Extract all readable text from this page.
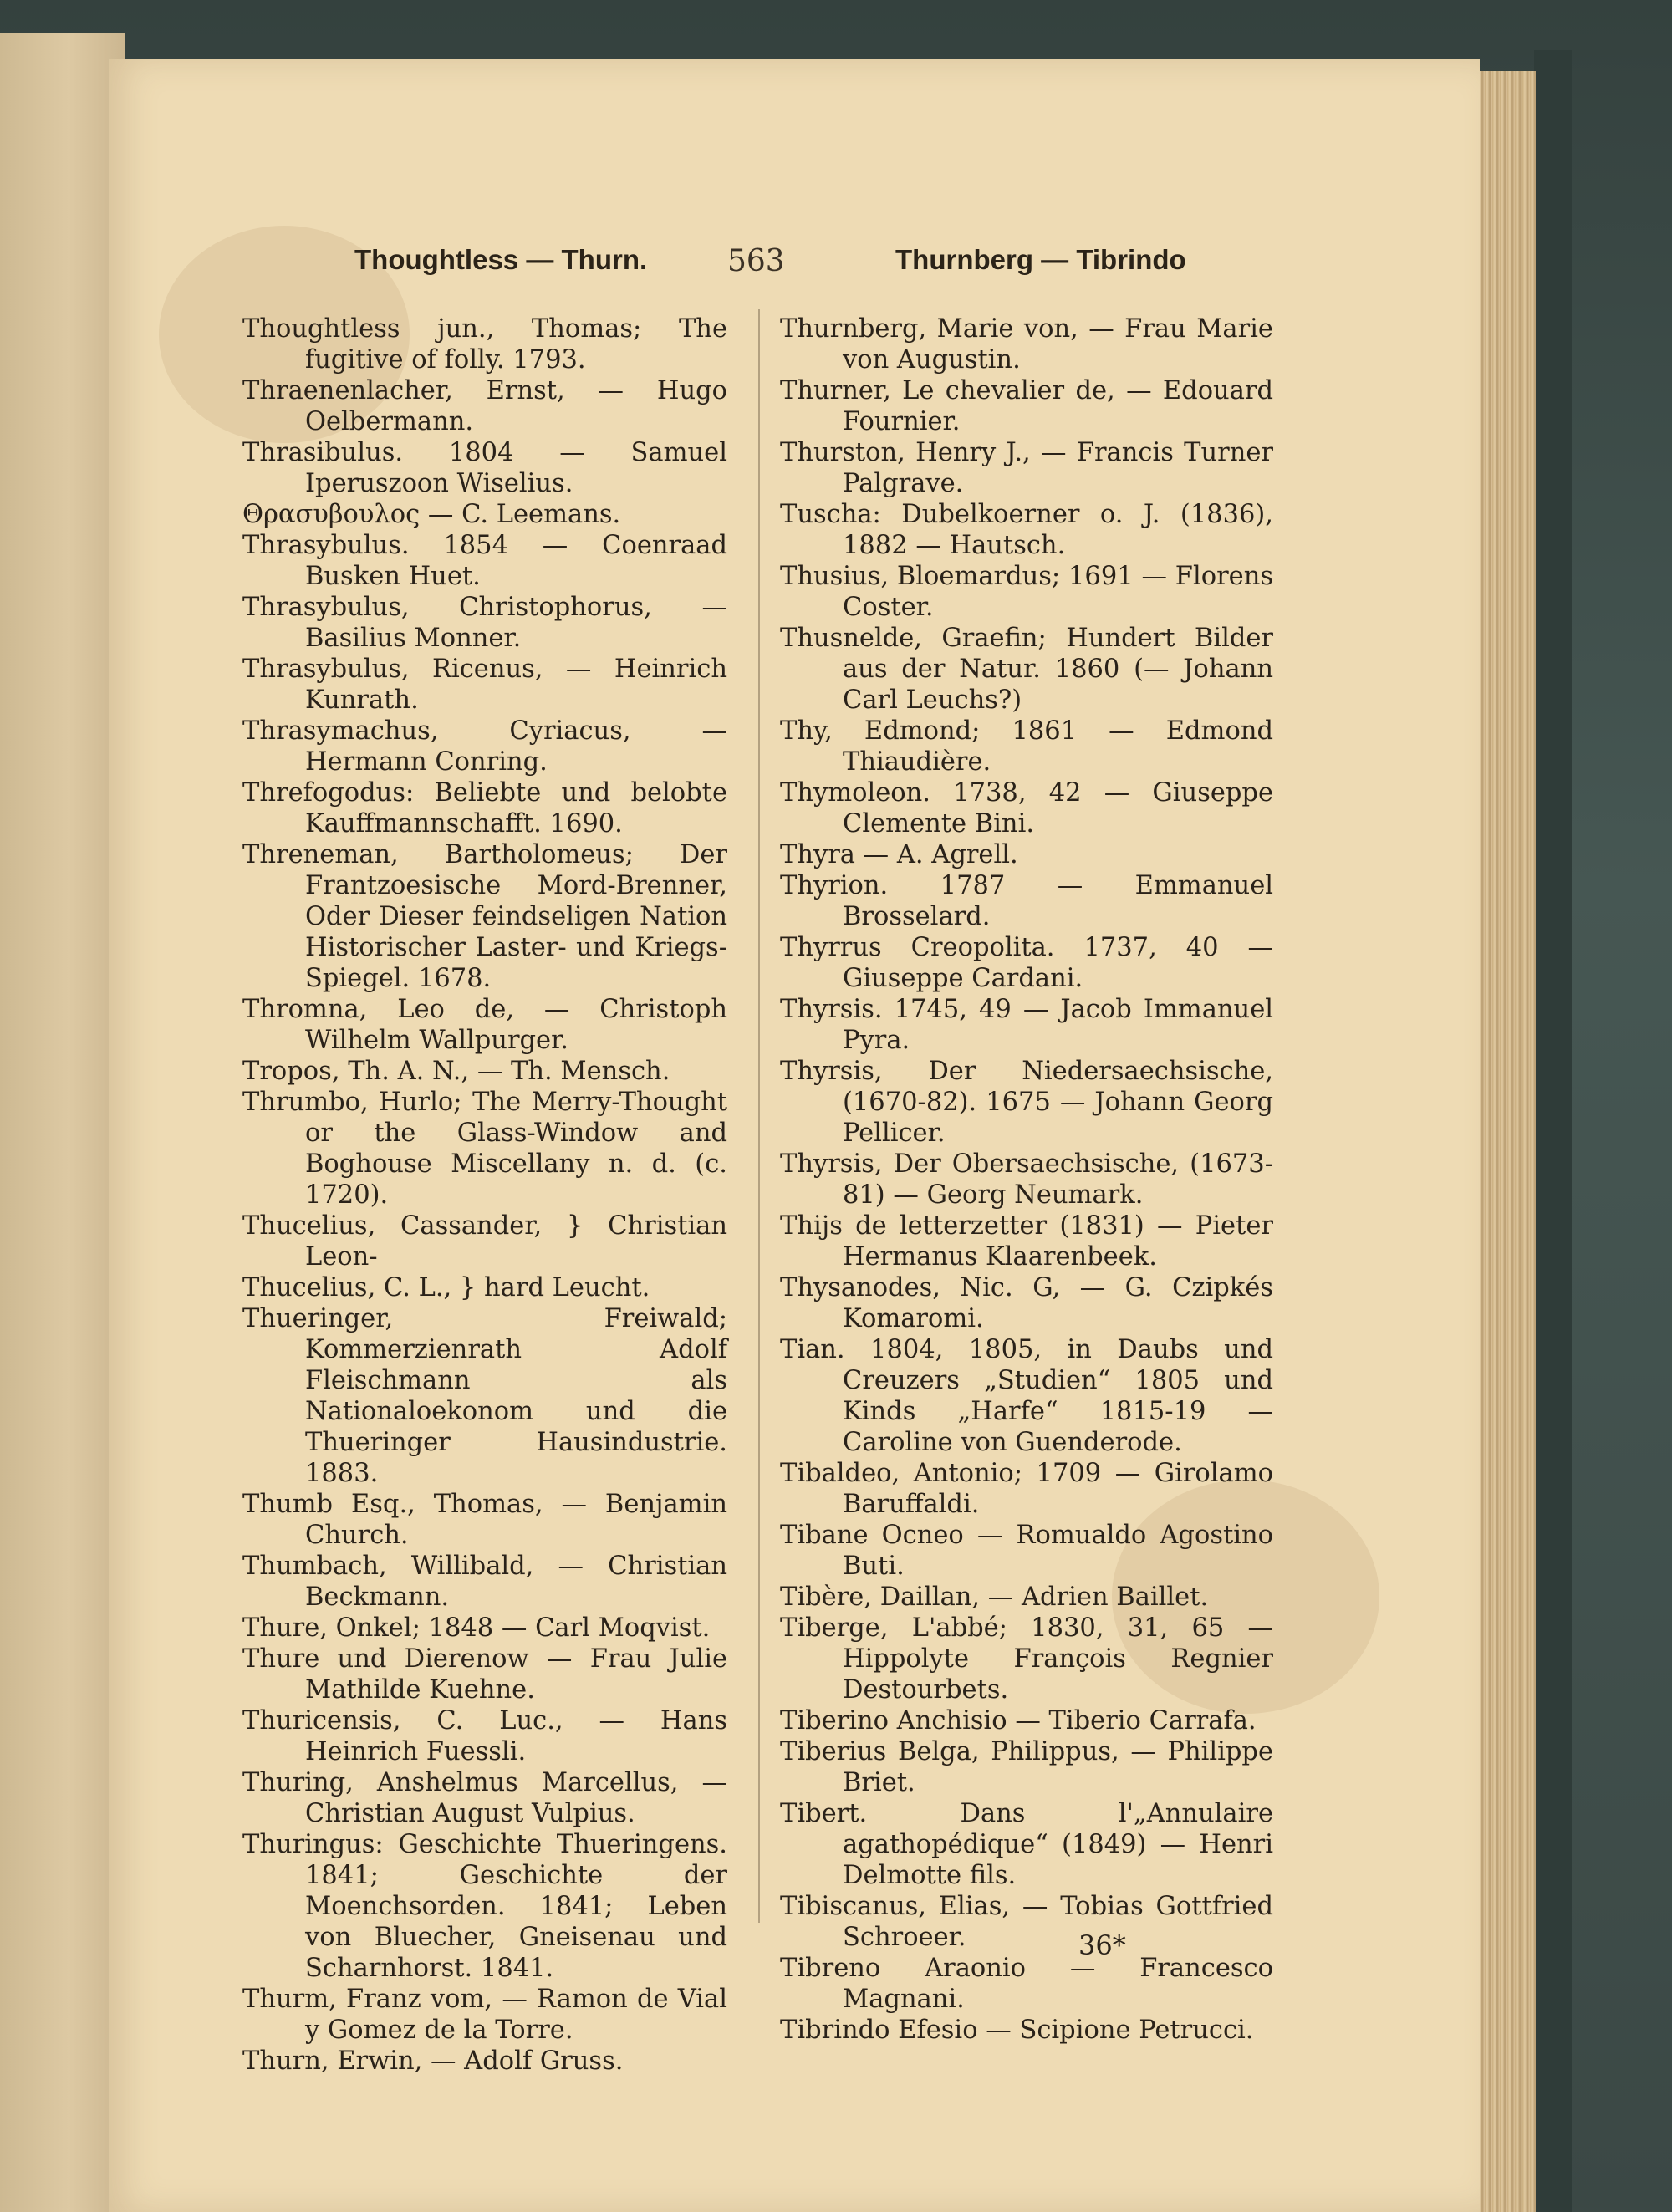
Thoughtless — Thurn.	563	Thurnberg — Tibrindo

Thoughtless jun., Thomas; The fugitive of folly. 1793.

Thraenenlacher, Ernst, — Hugo Oelbermann.

Thrasibulus. 1804 — Samuel Iperuszoon Wiselius.

Θρασυβουλος — C. Leemans.

Thrasybulus. 1854 — Coenraad Busken Huet.

Thrasybulus, Christophorus, — Basilius Monner.

Thrasybulus, Ricenus, — Heinrich Kunrath.

Thrasymachus, Cyriacus, — Hermann Conring.

Threfogodus: Beliebte und belobte Kauffmannschafft. 1690.

Threneman, Bartholomeus; Der Frantzoesische Mord-Brenner, Oder Dieser feindseligen Nation Historischer Laster- und Kriegs-Spiegel. 1678.

Thromna, Leo de, — Christoph Wilhelm Wallpurger.

Tropos, Th. A. N., — Th. Mensch.

Thrumbo, Hurlo; The Merry-Thought or the Glass-Window and Boghouse Miscellany n. d. (c. 1720).

Thucelius, Cassander, } Christian Leon-

Thucelius, C. L., } hard Leucht.

Thueringer, Freiwald; Kommerzienrath Adolf Fleischmann als Nationaloekonom und die Thueringer Hausindustrie. 1883.

Thumb Esq., Thomas, — Benjamin Church.

Thumbach, Willibald, — Christian Beckmann.

Thure, Onkel; 1848 — Carl Moqvist.

Thure und Dierenow — Frau Julie Mathilde Kuehne.

Thuricensis, C. Luc., — Hans Heinrich Fuessli.

Thuring, Anshelmus Marcellus, — Christian August Vulpius.

Thuringus: Geschichte Thueringens. 1841; Geschichte der Moenchsorden. 1841; Leben von Bluecher, Gneisenau und Scharnhorst. 1841.

Thurm, Franz vom, — Ramon de Vial y Gomez de la Torre.

Thurn, Erwin, — Adolf Gruss.

Thurnberg, Marie von, — Frau Marie von Augustin.

Thurner, Le chevalier de, — Edouard Fournier.

Thurston, Henry J., — Francis Turner Palgrave.

Tuscha: Dubelkoerner o. J. (1836), 1882 — Hautsch.

Thusius, Bloemardus; 1691 — Florens Coster.

Thusnelde, Graefin; Hundert Bilder aus der Natur. 1860 (— Johann Carl Leuchs?)

Thy, Edmond; 1861 — Edmond Thiaudière.

Thymoleon. 1738, 42 — Giuseppe Clemente Bini.

Thyra — A. Agrell.

Thyrion. 1787 — Emmanuel Brosselard.

Thyrrus Creopolita. 1737, 40 — Giuseppe Cardani.

Thyrsis. 1745, 49 — Jacob Immanuel Pyra.

Thyrsis, Der Niedersaechsische, (1670-82). 1675 — Johann Georg Pellicer.

Thyrsis, Der Obersaechsische, (1673-81) — Georg Neumark.

Thijs de letterzetter (1831) — Pieter Hermanus Klaarenbeek.

Thysanodes, Nic. G, — G. Czipkés Komaromi.

Tian. 1804, 1805, in Daubs und Creuzers „Studien“ 1805 und Kinds „Harfe“ 1815-19 — Caroline von Guenderode.

Tibaldeo, Antonio; 1709 — Girolamo Baruffaldi.

Tibane Ocneo — Romualdo Agostino Buti.

Tibère, Daillan, — Adrien Baillet.

Tiberge, L'abbé; 1830, 31, 65 — Hippolyte François Regnier Destourbets.

Tiberino Anchisio — Tiberio Carrafa.

Tiberius Belga, Philippus, — Philippe Briet.

Tibert. Dans l'„Annulaire agathopédique“ (1849) — Henri Delmotte fils.

Tibiscanus, Elias, — Tobias Gottfried Schroeer.

Tibreno Araonio — Francesco Magnani.

Tibrindo Efesio — Scipione Petrucci.

36*
